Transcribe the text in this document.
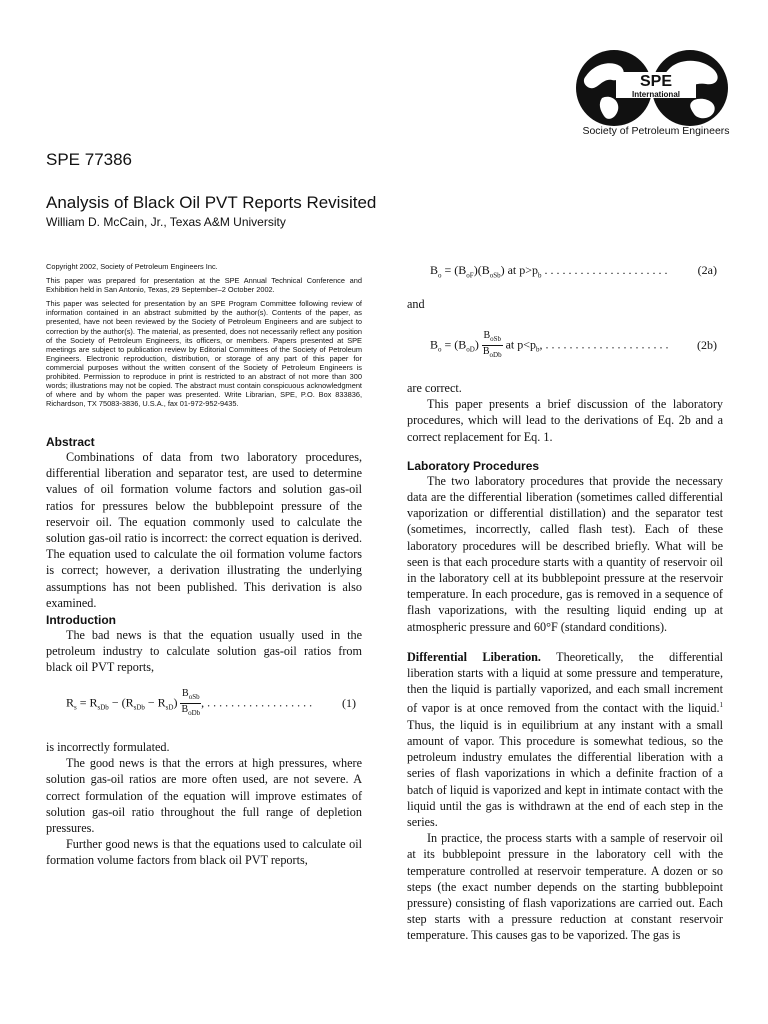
SPE
International
Society of Petroleum Engineers
SPE 77386
Analysis of Black Oil PVT Reports Revisited
William D. McCain, Jr., Texas A&M University

Copyright 2002, Society of Petroleum Engineers Inc.

This paper was prepared for presentation at the SPE Annual Technical Conference and Exhibition held in San Antonio, Texas, 29 September–2 October 2002.

This paper was selected for presentation by an SPE Program Committee following review of information contained in an abstract submitted by the author(s). Contents of the paper, as presented, have not been reviewed by the Society of Petroleum Engineers and are subject to correction by the author(s). The material, as presented, does not necessarily reflect any position of the Society of Petroleum Engineers, its officers, or members. Papers presented at SPE meetings are subject to publication review by Editorial Committees of the Society of Petroleum Engineers. Electronic reproduction, distribution, or storage of any part of this paper for commercial purposes without the written consent of the Society of Petroleum Engineers is prohibited. Permission to reproduce in print is restricted to an abstract of not more than 300 words; illustrations may not be copied. The abstract must contain conspicuous acknowledgment of where and by whom the paper was presented. Write Librarian, SPE, P.O. Box 833836, Richardson, TX 75083-3836, U.S.A., fax 01-972-952-9435.

Abstract

Combinations of data from two laboratory procedures, differential liberation and separator test, are used to determine values of oil formation volume factors and solution gas-oil ratios for pressures below the bubblepoint pressure of the reservoir oil. The equation commonly used to calculate the solution gas-oil ratio is incorrect: the correct equation is derived. The equation used to calculate the oil formation volume factors is correct; however, a derivation illustrating the underlying assumptions has not been published. This derivation is also examined.

Introduction

The bad news is that the equation usually used in the petroleum industry to calculate solution gas-oil ratios from black oil PVT reports,

$R_s = R_{sDb} - (R_{sDb} - R_{sD}) \frac{B_{oSb}}{B_{oDb}}$ , . . . . . . . . . . . . . . . . . . (1)

is incorrectly formulated.

The good news is that the errors at high pressures, where solution gas-oil ratios are more often used, are not severe. A correct formulation of the equation will improve estimates of solution gas-oil ratio throughout the full range of depletion pressures.

Further good news is that the equations used to calculate oil formation volume factors from black oil PVT reports,

$B_o = (B_{oF})(B_{oSb})$ at $p>p_b$ . . . . . . . . . . . . . . . . . . . . .	(2a)
and
$B_o = (B_{oD}) \frac{B_{oSb}}{B_{oDb}}$ at $p<p_b$, . . . . . . . . . . . . . . . . . . . . . (2b)

are correct.

This paper presents a brief discussion of the laboratory procedures, which will lead to the derivations of Eq. 2b and a correct replacement for Eq. 1.

Laboratory Procedures

The two laboratory procedures that provide the necessary data are the differential liberation (sometimes called differential vaporization or differential distillation) and the separator test (sometimes, incorrectly, called flash test). Each of these laboratory procedures will be described briefly. What will be seen is that each procedure starts with a quantity of reservoir oil in the laboratory cell at its bubblepoint pressure at the reservoir temperature. In each procedure, gas is removed in a sequence of flash vaporizations, with the resulting liquid ending up at atmospheric pressure and 60°F (standard conditions).

Differential Liberation. Theoretically, the differential liberation starts with a liquid at some pressure and temperature, then the liquid is partially vaporized, and each small increment of vapor is at once removed from the contact with the liquid.$^1$ Thus, the liquid is in equilibrium at any instant with a small amount of vapor. This procedure is somewhat tedious, so the petroleum industry emulates the differential liberation with a series of flash vaporizations in which a definite fraction of a batch of liquid is vaporized and kept in intimate contact with the liquid until the gas is withdrawn at the end of each step in the series.

In practice, the process starts with a sample of reservoir oil at its bubblepoint pressure in the laboratory cell with the temperature controlled at reservoir temperature. A dozen or so steps (the exact number depends on the starting bubblepoint pressure) consisting of flash vaporizations are carried out. Each step starts with a pressure reduction at constant reservoir temperature. This causes gas to be vaporized. The gas is
